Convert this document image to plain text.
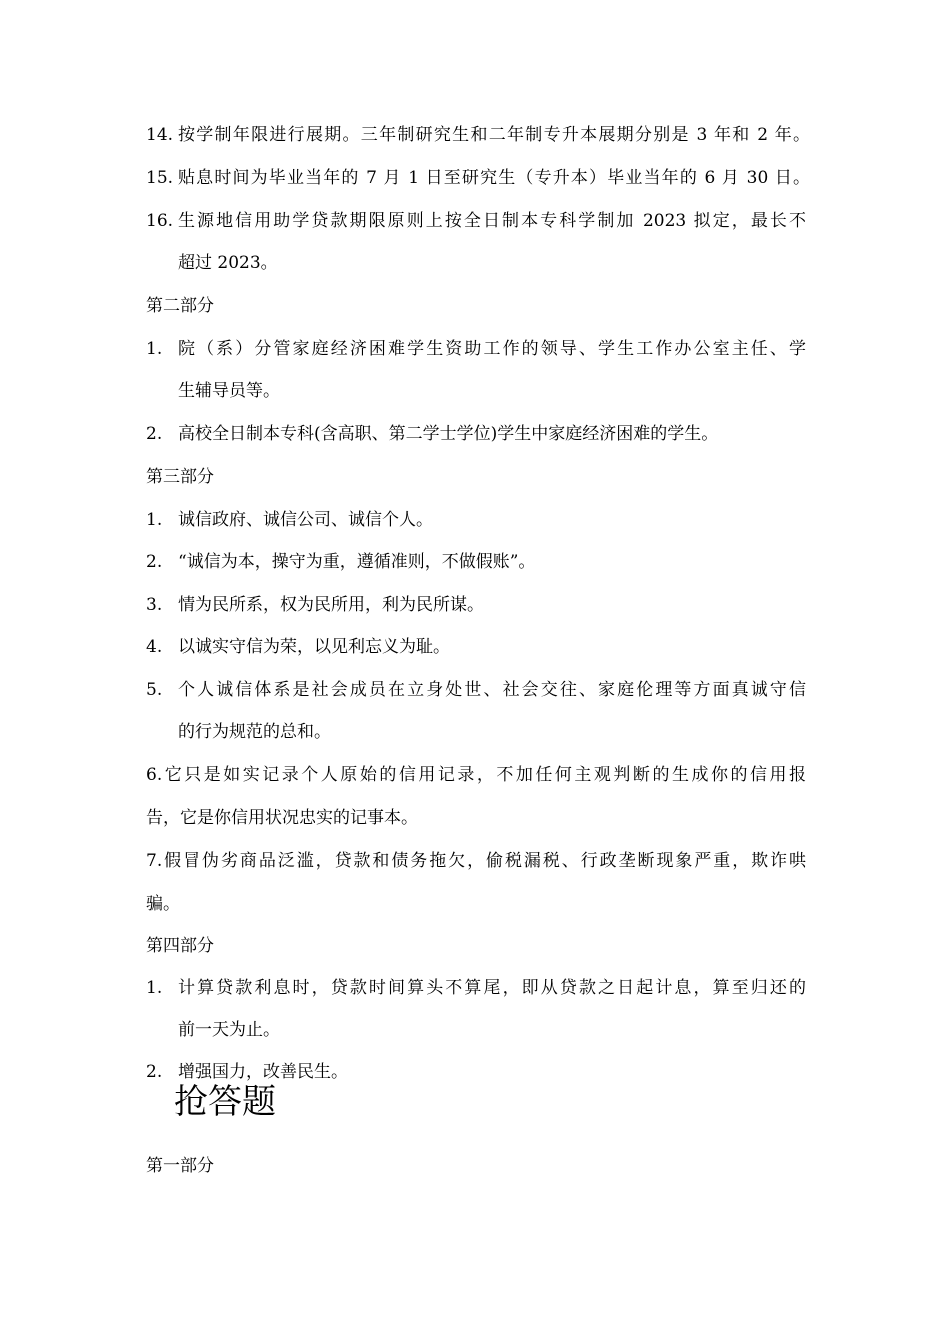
14. 按学制年限进行展期。三年制研究生和二年制专升本展期分别是 3 年和 2 年。
15. 贴息时间为毕业当年的 7 月 1 日至研究生（专升本）毕业当年的 6 月 30 日。
16. 生源地信用助学贷款期限原则上按全日制本专科学制加 2023 拟定，最长不
超过 2023。
第二部分
1. 院（系）分管家庭经济困难学生资助工作的领导、学生工作办公室主任、学
生辅导员等。
2. 高校全日制本专科(含高职、第二学士学位)学生中家庭经济困难的学生。
第三部分
1. 诚信政府、诚信公司、诚信个人。
2. “诚信为本，操守为重，遵循准则，不做假账”。
3. 情为民所系，权为民所用，利为民所谋。
4. 以诚实守信为荣，以见利忘义为耻。
5. 个人诚信体系是社会成员在立身处世、社会交往、家庭伦理等方面真诚守信
的行为规范的总和。
6.它只是如实记录个人原始的信用记录，不加任何主观判断的生成你的信用报
告，它是你信用状况忠实的记事本。
7.假冒伪劣商品泛滥，贷款和债务拖欠，偷税漏税、行政垄断现象严重，欺诈哄
骗。
第四部分
1. 计算贷款利息时，贷款时间算头不算尾，即从贷款之日起计息，算至归还的
前一天为止。
2. 增强国力，改善民生。
抢答题
第一部分
